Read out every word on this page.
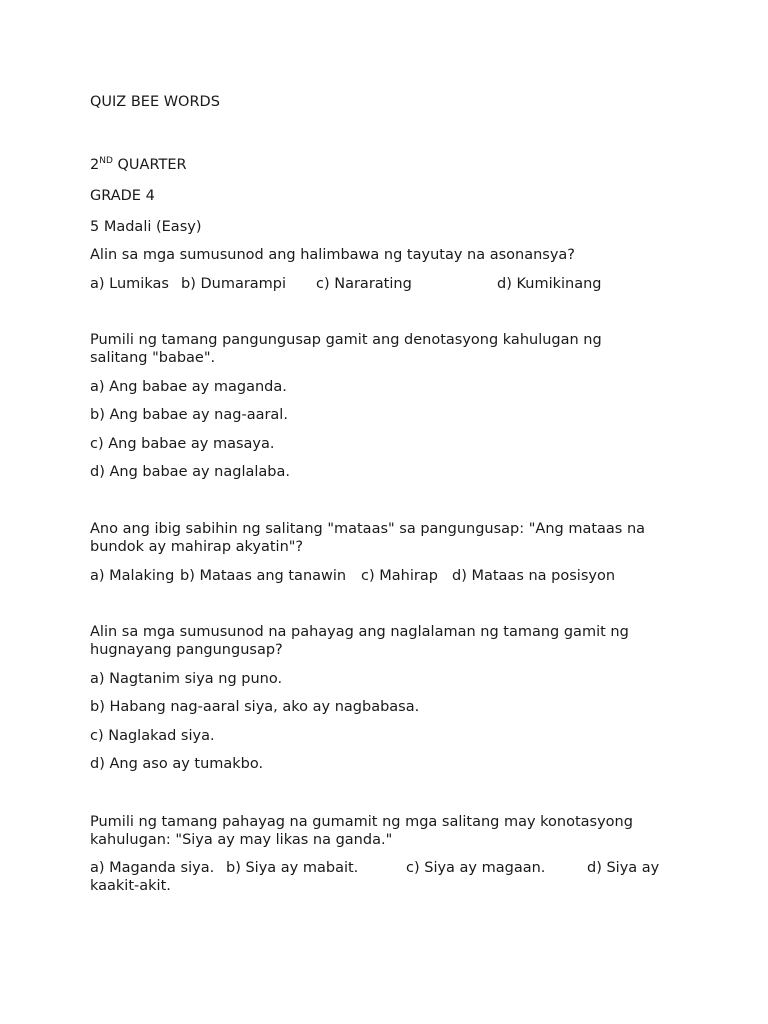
QUIZ BEE WORDS
2ND QUARTER
GRADE 4
5 Madali (Easy)
Alin sa mga sumusunod ang halimbawa ng tayutay na asonansya?
a) Lumikas b) Dumarampi c) Nararating	d) Kumikinang
Pumili ng tamang pangungusap gamit ang denotasyong kahulugan ng salitang "babae".
a) Ang babae ay maganda.
b) Ang babae ay nag-aaral.
c) Ang babae ay masaya.
d) Ang babae ay naglalaba.
Ano ang ibig sabihin ng salitang "mataas" sa pangungusap: "Ang mataas na bundok ay mahirap akyatin"?
a) Malaking b) Mataas ang tanawin c) Mahirap d) Mataas na posisyon
Alin sa mga sumusunod na pahayag ang naglalaman ng tamang gamit ng hugnayang pangungusap?
a) Nagtanim siya ng puno.
b) Habang nag-aaral siya, ako ay nagbabasa.
c) Naglakad siya.
d) Ang aso ay tumakbo.
Pumili ng tamang pahayag na gumamit ng mga salitang may konotasyong kahulugan: "Siya ay may likas na ganda."
a) Maganda siya. b) Siya ay mabait.	c) Siya ay magaan.	d) Siya ay
kaakit-akit.
